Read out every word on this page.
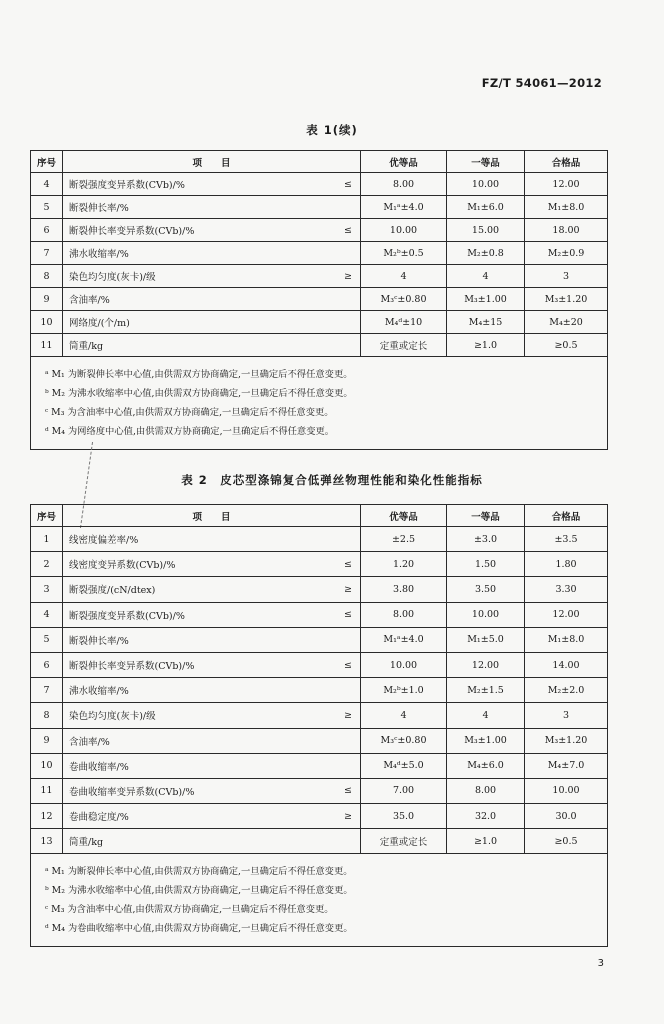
FZ/T 54061—2012
表 1(续)
序号	项　　目		优等品	一等品	合格品
4	断裂强度变异系数(CVb)/%	≤	8.00	10.00	12.00
5	断裂伸长率/%		M₁ᵃ±4.0	M₁±6.0	M₁±8.0
6	断裂伸长率变异系数(CVb)/%	≤	10.00	15.00	18.00
7	沸水收缩率/%		M₂ᵇ±0.5	M₂±0.8	M₂±0.9
8	染色均匀度(灰卡)/级	≥	4	4	3
9	含油率/%		M₃ᶜ±0.80	M₃±1.00	M₃±1.20
10	网络度/(个/m)		M₄ᵈ±10	M₄±15	M₄±20
11	筒重/kg		定重或定长	≥1.0	≥0.5

ᵃ M₁ 为断裂伸长率中心值,由供需双方协商确定,一旦确定后不得任意变更。

ᵇ M₂ 为沸水收缩率中心值,由供需双方协商确定,一旦确定后不得任意变更。

ᶜ M₃ 为含油率中心值,由供需双方协商确定,一旦确定后不得任意变更。

ᵈ M₄ 为网络度中心值,由供需双方协商确定,一旦确定后不得任意变更。					

表 2　皮芯型涤锦复合低弹丝物理性能和染化性能指标
序号	项　　目		优等品	一等品	合格品
1	线密度偏差率/%		±2.5	±3.0	±3.5
2	线密度变异系数(CVb)/%	≤	1.20	1.50	1.80
3	断裂强度/(cN/dtex)	≥	3.80	3.50	3.30
4	断裂强度变异系数(CVb)/%	≤	8.00	10.00	12.00
5	断裂伸长率/%		M₁ᵃ±4.0	M₁±5.0	M₁±8.0
6	断裂伸长率变异系数(CVb)/%	≤	10.00	12.00	14.00
7	沸水收缩率/%		M₂ᵇ±1.0	M₂±1.5	M₂±2.0
8	染色均匀度(灰卡)/级	≥	4	4	3
9	含油率/%		M₃ᶜ±0.80	M₃±1.00	M₃±1.20
10	卷曲收缩率/%		M₄ᵈ±5.0	M₄±6.0	M₄±7.0
11	卷曲收缩率变异系数(CVb)/%	≤	7.00	8.00	10.00
12	卷曲稳定度/%	≥	35.0	32.0	30.0
13	筒重/kg		定重或定长	≥1.0	≥0.5

ᵃ M₁ 为断裂伸长率中心值,由供需双方协商确定,一旦确定后不得任意变更。

ᵇ M₂ 为沸水收缩率中心值,由供需双方协商确定,一旦确定后不得任意变更。

ᶜ M₃ 为含油率中心值,由供需双方协商确定,一旦确定后不得任意变更。

ᵈ M₄ 为卷曲收缩率中心值,由供需双方协商确定,一旦确定后不得任意变更。					

3
